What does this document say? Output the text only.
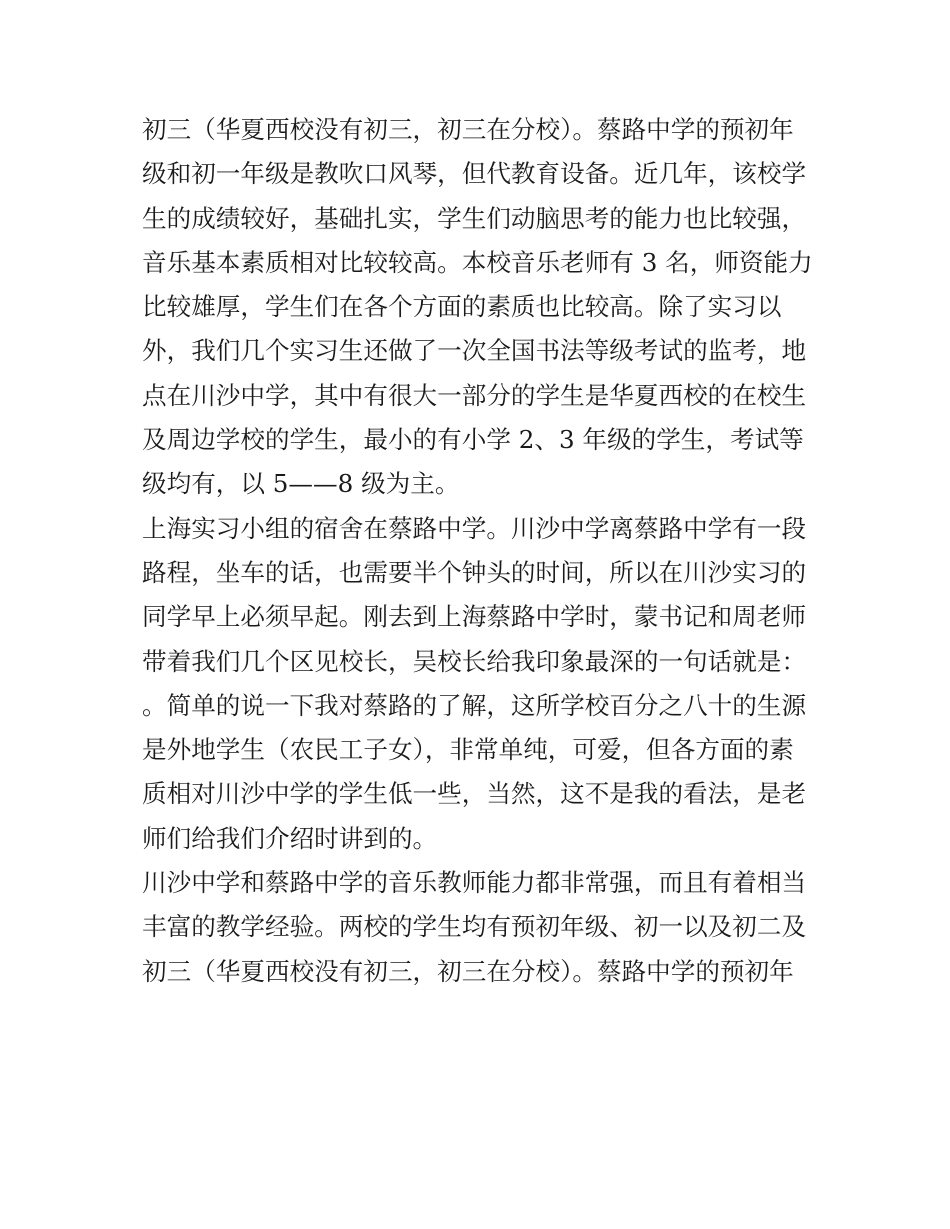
初三（华夏西校没有初三，初三在分校）。蔡路中学的预初年
级和初一年级是教吹口风琴，但代教育设备。近几年，该校学
生的成绩较好，基础扎实，学生们动脑思考的能力也比较强，
音乐基本素质相对比较较高。本校音乐老师有 3 名，师资能力
比较雄厚，学生们在各个方面的素质也比较高。除了实习以
外，我们几个实习生还做了一次全国书法等级考试的监考，地
点在川沙中学，其中有很大一部分的学生是华夏西校的在校生
及周边学校的学生，最小的有小学 2、3 年级的学生，考试等
级均有，以 5——8 级为主。
上海实习小组的宿舍在蔡路中学。川沙中学离蔡路中学有一段
路程，坐车的话，也需要半个钟头的时间，所以在川沙实习的
同学早上必须早起。刚去到上海蔡路中学时，蒙书记和周老师
带着我们几个区见校长，吴校长给我印象最深的一句话就是：
。简单的说一下我对蔡路的了解，这所学校百分之八十的生源
是外地学生（农民工子女），非常单纯，可爱，但各方面的素
质相对川沙中学的学生低一些，当然，这不是我的看法，是老
师们给我们介绍时讲到的。
川沙中学和蔡路中学的音乐教师能力都非常强，而且有着相当
丰富的教学经验。两校的学生均有预初年级、初一以及初二及
初三（华夏西校没有初三，初三在分校）。蔡路中学的预初年
